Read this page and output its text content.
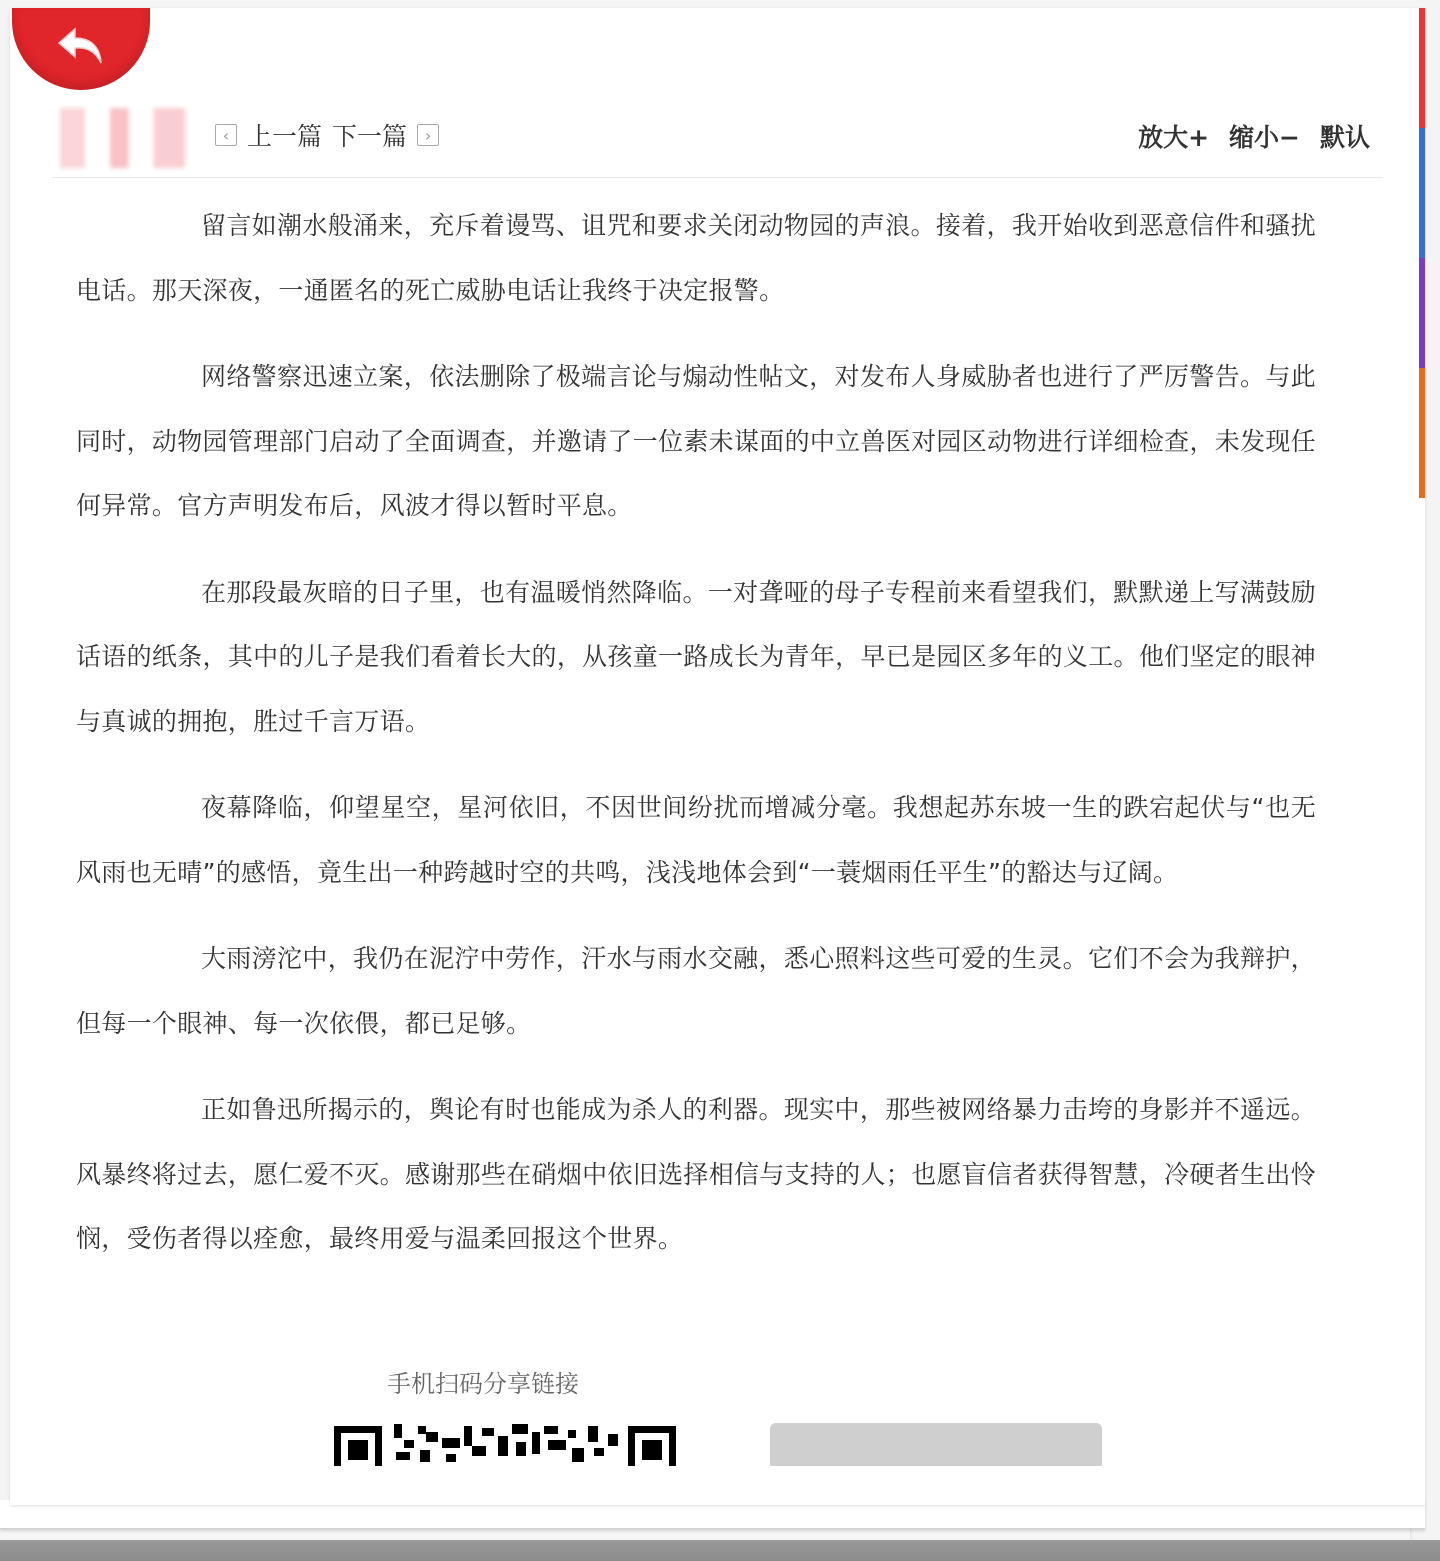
‹ 上一篇 下一篇	›	放大+ 缩小− 默认

留言如潮水般涌来，充斥着谩骂、诅咒和要求关闭动物园的声浪。接着，我开始收到恶意信件和骚扰电话。那天深夜，一通匿名的死亡威胁电话让我终于决定报警。

网络警察迅速立案，依法删除了极端言论与煽动性帖文，对发布人身威胁者也进行了严厉警告。与此同时，动物园管理部门启动了全面调查，并邀请了一位素未谋面的中立兽医对园区动物进行详细检查，未发现任何异常。官方声明发布后，风波才得以暂时平息。

在那段最灰暗的日子里，也有温暖悄然降临。一对聋哑的母子专程前来看望我们，默默递上写满鼓励话语的纸条，其中的儿子是我们看着长大的，从孩童一路成长为青年，早已是园区多年的义工。他们坚定的眼神与真诚的拥抱，胜过千言万语。

夜幕降临，仰望星空，星河依旧，不因世间纷扰而增减分毫。我想起苏东坡一生的跌宕起伏与“也无风雨也无晴”的感悟，竟生出一种跨越时空的共鸣，浅浅地体会到“一蓑烟雨任平生”的豁达与辽阔。

大雨滂沱中，我仍在泥泞中劳作，汗水与雨水交融，悉心照料这些可爱的生灵。它们不会为我辩护，但每一个眼神、每一次依偎，都已足够。

正如鲁迅所揭示的，舆论有时也能成为杀人的利器。现实中，那些被网络暴力击垮的身影并不遥远。风暴终将过去，愿仁爱不灭。感谢那些在硝烟中依旧选择相信与支持的人；也愿盲信者获得智慧，冷硬者生出怜悯，受伤者得以痊愈，最终用爱与温柔回报这个世界。

手机扫码分享链接
